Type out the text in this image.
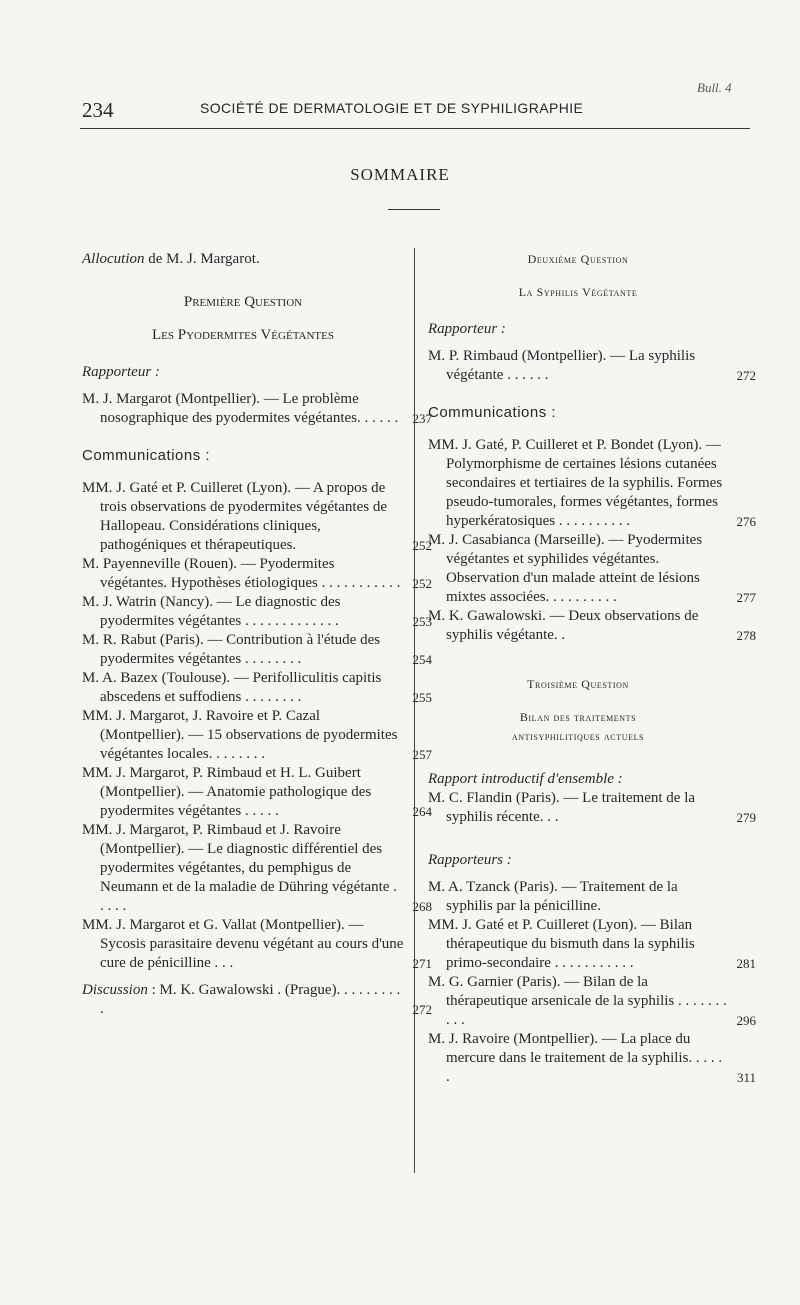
234	SOCIÉTÉ DE DERMATOLOGIE ET DE SYPHILIGRAPHIE
Bull. 4
SOMMAIRE

Allocution de M. J. Margarot.

Première Question

Les Pyodermites Végétantes

Rapporteur :

M. J. Margarot (Montpellier). — Le problème nosographique des pyodermites végétantes. . . . . . 237

Communications :

MM. J. Gaté et P. Cuilleret (Lyon). — A propos de trois observations de pyodermites végétantes de Hallopeau. Considérations cliniques, pathogéniques et thérapeutiques.	252
M. Payenneville (Rouen). — Pyodermites végétantes. Hypothèses étiologiques . . . . . . . . . . . 252
M. J. Watrin (Nancy). — Le diagnostic des pyodermites végétantes . . . . . . . . . . . . .	253
M. R. Rabut (Paris). — Contribution à l'étude des pyodermites végétantes . . . . . . . .	254
M. A. Bazex (Toulouse). — Perifolliculitis capitis abscedens et suffodiens . . . . . . . .	255
MM. J. Margarot, J. Ravoire et P. Cazal (Montpellier). — 15 observations de pyodermites végétantes locales. . . . . . . .	257
MM. J. Margarot, P. Rimbaud et H. L. Guibert (Montpellier). — Anatomie pathologique des pyodermites végétantes . . . . .	264
MM. J. Margarot, P. Rimbaud et J. Ravoire (Montpellier). — Le diagnostic différentiel des pyodermites végétantes, du pemphigus de Neumann et de la maladie de Dühring végétante . . . . .	268
MM. J. Margarot et G. Vallat (Montpellier). — Sycosis parasitaire devenu végétant au cours d'une cure de pénicilline . . .	271
Discussion : M. K. Gawalowski . (Prague). . . . . . . . . .	272

Deuxième Question

La Syphilis Végétante

Rapporteur :

M. P. Rimbaud (Montpellier). — La syphilis végétante . . . . . .	272

Communications :

MM. J. Gaté, P. Cuilleret et P. Bondet (Lyon). — Polymorphisme de certaines lésions cutanées secondaires et tertiaires de la syphilis. Formes pseudo-tumorales, formes végétantes, formes hyperkératosiques . . . . . . . . . .	276
M. J. Casabianca (Marseille). — Pyodermites végétantes et syphilides végétantes. Observation d'un malade atteint de lésions mixtes associées. . . . . . . . . .	277
M. K. Gawalowski. — Deux observations de syphilis végétante. .	278

Troisième Question

Bilan des traitements

antisyphilitiques actuels

Rapport introductif d'ensemble :

M. C. Flandin (Paris). — Le traitement de la syphilis récente. . .	279

Rapporteurs :

M. A. Tzanck (Paris). — Traitement de la syphilis par la pénicilline.
MM. J. Gaté et P. Cuilleret (Lyon). — Bilan thérapeutique du bismuth dans la syphilis primo-secondaire . . . . . . . . . . .	281
M. G. Garnier (Paris). — Bilan de la thérapeutique arsenicale de la syphilis . . . . . . . . . .	296
M. J. Ravoire (Montpellier). — La place du mercure dans le traitement de la syphilis. . . . . .	311
